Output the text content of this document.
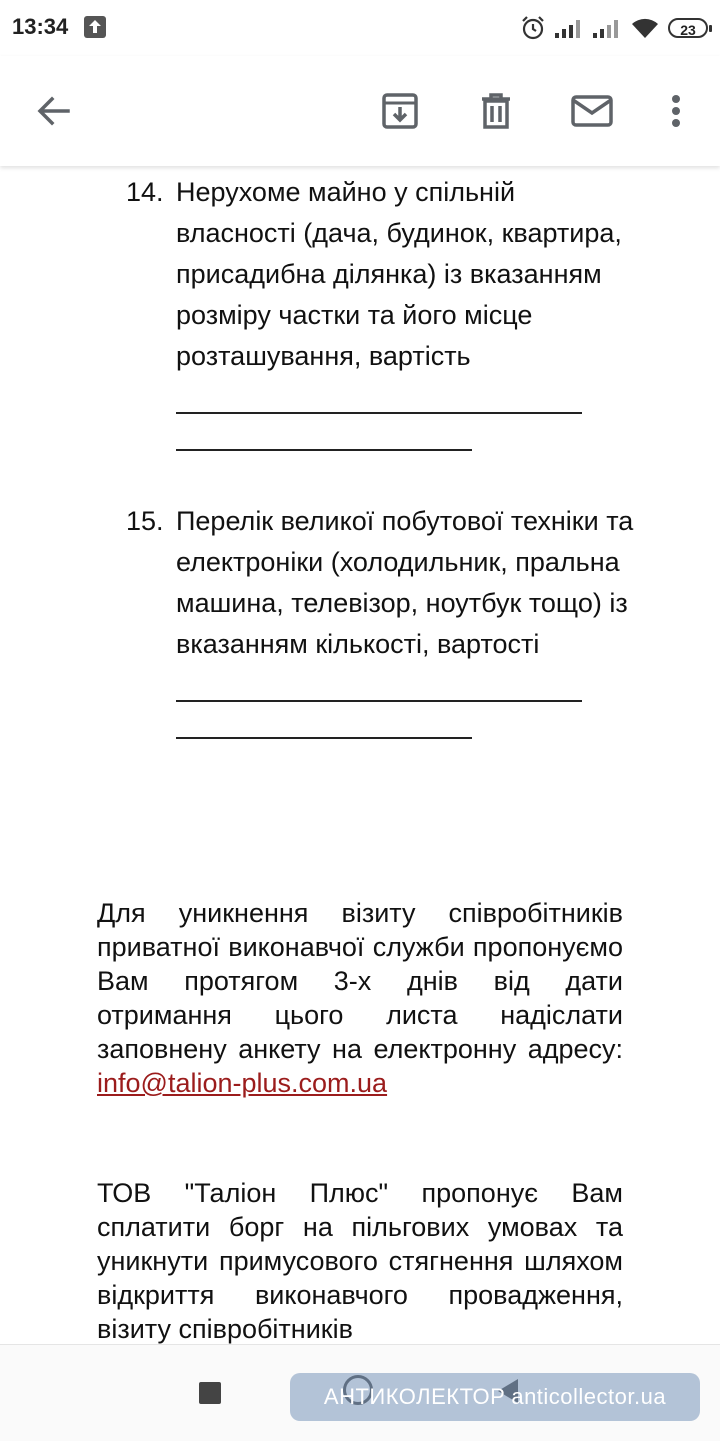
13:34	23
14. Нерухоме майно у спільній власності (дача, будинок, квартира, присадибна ділянка) із вказанням розміру частки та його місце розташування, вартість
15. Перелік великої побутової техніки та електроніки (холодильник, пральна машина, телевізор, ноутбук тощо) із вказанням кількості, вартості

Для уникнення візиту співробітників приватної виконавчої служби пропонуємо Вам протягом 3-х днів від дати отримання цього листа надіслати заповнену анкету на електронну адресу: info@talion-plus.com.ua

ТОВ "Таліон Плюс" пропонує Вам сплатити борг на пільгових умовах та уникнути примусового стягнення шляхом відкриття виконавчого провадження, візиту співробітників

АНТИКОЛЕКТОР anticollector.ua
